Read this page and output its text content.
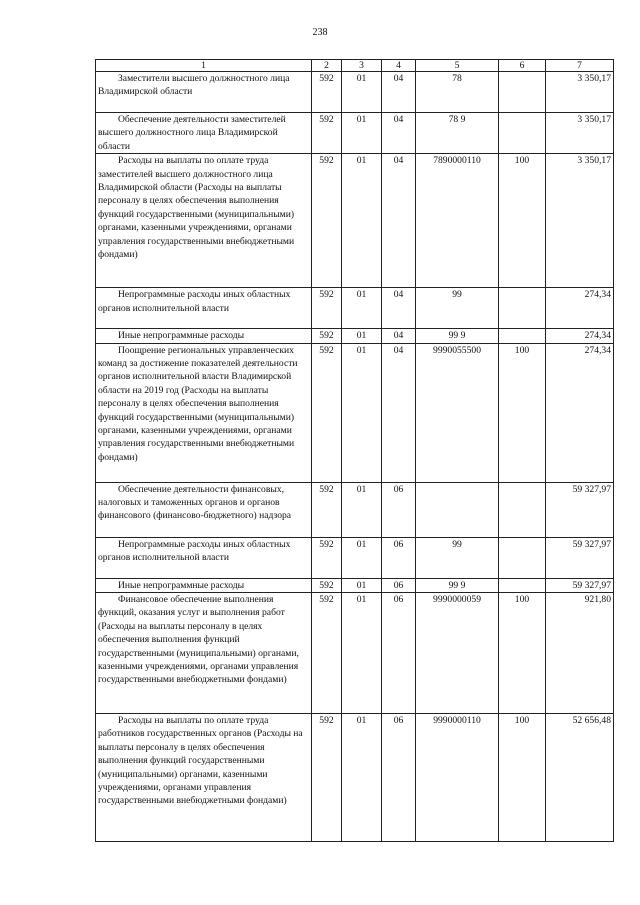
238
1	2	3	4	5	6	7
Заместители высшего должностного лица Владимирской области	592	01	04	78		3 350,17
Обеспечение деятельности заместителей высшего должностного лица Владимирской области	592	01	04	78 9		3 350,17
Расходы на выплаты по оплате труда заместителей высшего должностного лица Владимирской области (Расходы на выплаты персоналу в целях обеспечения выполнения функций государственными (муниципальными) органами, казенными учреждениями, органами управления государственными внебюджетными фондами)	592	01	04	7890000110	100	3 350,17
Непрограммные расходы иных областных органов исполнительной власти	592	01	04	99		274,34
Иные непрограммные расходы	592	01	04	99 9		274,34
Поощрение региональных управленческих команд за достижение показателей деятельности органов исполнительной власти Владимирской области на 2019 год (Расходы на выплаты персоналу в целях обеспечения выполнения функций государственными (муниципальными) органами, казенными учреждениями, органами управления государственными внебюджетными фондами)	592	01	04	9990055500	100	274,34
Обеспечение деятельности финансовых, налоговых и таможенных органов и органов финансового (финансово-бюджетного) надзора	592	01	06			59 327,97
Непрограммные расходы иных областных органов исполнительной власти	592	01	06	99		59 327,97
Иные непрограммные расходы	592	01	06	99 9		59 327,97
Финансовое обеспечение выполнения функций, оказания услуг и выполнения работ (Расходы на выплаты персоналу в целях обеспечения выполнения функций государственными (муниципальными) органами, казенными учреждениями, органами управления государственными внебюджетными фондами)	592	01	06	9990000059	100	921,80
Расходы на выплаты по оплате труда работников государственных органов (Расходы на выплаты персоналу в целях обеспечения выполнения функций государственными (муниципальными) органами, казенными учреждениями, органами управления государственными внебюджетными фондами)	592	01	06	9990000110	100	52 656,48
